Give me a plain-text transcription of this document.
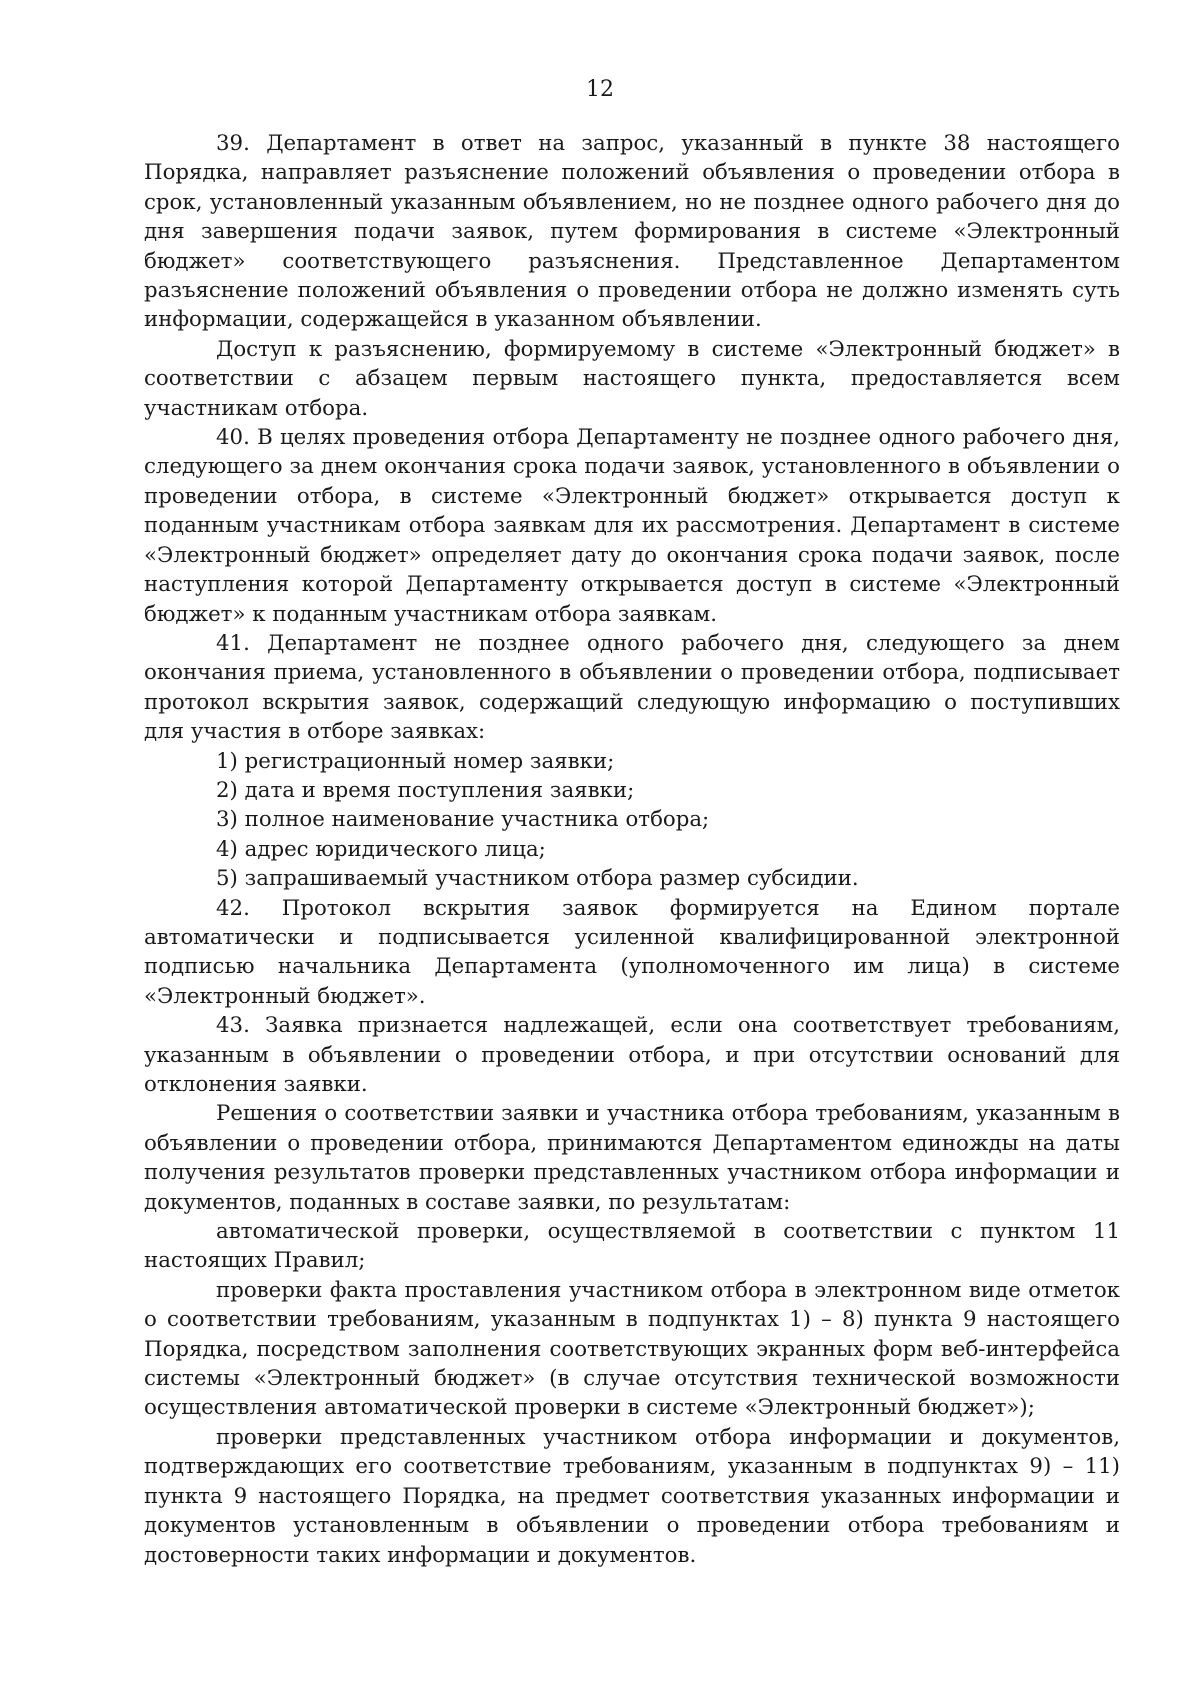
12

39. Департамент в ответ на запрос, указанный в пункте 38 настоящего Порядка, направляет разъяснение положений объявления о проведении отбора в срок, установленный указанным объявлением, но не позднее одного рабочего дня до дня завершения подачи заявок, путем формирования в системе «Электронный бюджет» соответствующего разъяснения. Представленное Департаментом разъяснение положений объявления о проведении отбора не должно изменять суть информации, содержащейся в указанном объявлении.

Доступ к разъяснению, формируемому в системе «Электронный бюджет» в соответствии с абзацем первым настоящего пункта, предоставляется всем участникам отбора.

40. В целях проведения отбора Департаменту не позднее одного рабочего дня, следующего за днем окончания срока подачи заявок, установленного в объявлении о проведении отбора, в системе «Электронный бюджет» открывается доступ к поданным участникам отбора заявкам для их рассмотрения. Департамент в системе «Электронный бюджет» определяет дату до окончания срока подачи заявок, после наступления которой Департаменту открывается доступ в системе «Электронный бюджет» к поданным участникам отбора заявкам.

41. Департамент не позднее одного рабочего дня, следующего за днем окончания приема, установленного в объявлении о проведении отбора, подписывает протокол вскрытия заявок, содержащий следующую информацию о поступивших для участия в отборе заявках:

1) регистрационный номер заявки;

2) дата и время поступления заявки;

3) полное наименование участника отбора;

4) адрес юридического лица;

5) запрашиваемый участником отбора размер субсидии.

42. Протокол вскрытия заявок формируется на Едином портале автоматически и подписывается усиленной квалифицированной электронной подписью начальника Департамента (уполномоченного им лица) в системе «Электронный бюджет».

43. Заявка признается надлежащей, если она соответствует требованиям, указанным в объявлении о проведении отбора, и при отсутствии оснований для отклонения заявки.

Решения о соответствии заявки и участника отбора требованиям, указанным в объявлении о проведении отбора, принимаются Департаментом единожды на даты получения результатов проверки представленных участником отбора информации и документов, поданных в составе заявки, по результатам:

автоматической проверки, осуществляемой в соответствии с пунктом 11 настоящих Правил;

проверки факта проставления участником отбора в электронном виде отметок о соответствии требованиям, указанным в подпунктах 1) – 8) пункта 9 настоящего Порядка, посредством заполнения соответствующих экранных форм веб-интерфейса системы «Электронный бюджет» (в случае отсутствия технической возможности осуществления автоматической проверки в системе «Электронный бюджет»);

проверки представленных участником отбора информации и документов, подтверждающих его соответствие требованиям, указанным в подпунктах 9) – 11) пункта 9 настоящего Порядка, на предмет соответствия указанных информации и документов установленным в объявлении о проведении отбора требованиям и достоверности таких информации и документов.
